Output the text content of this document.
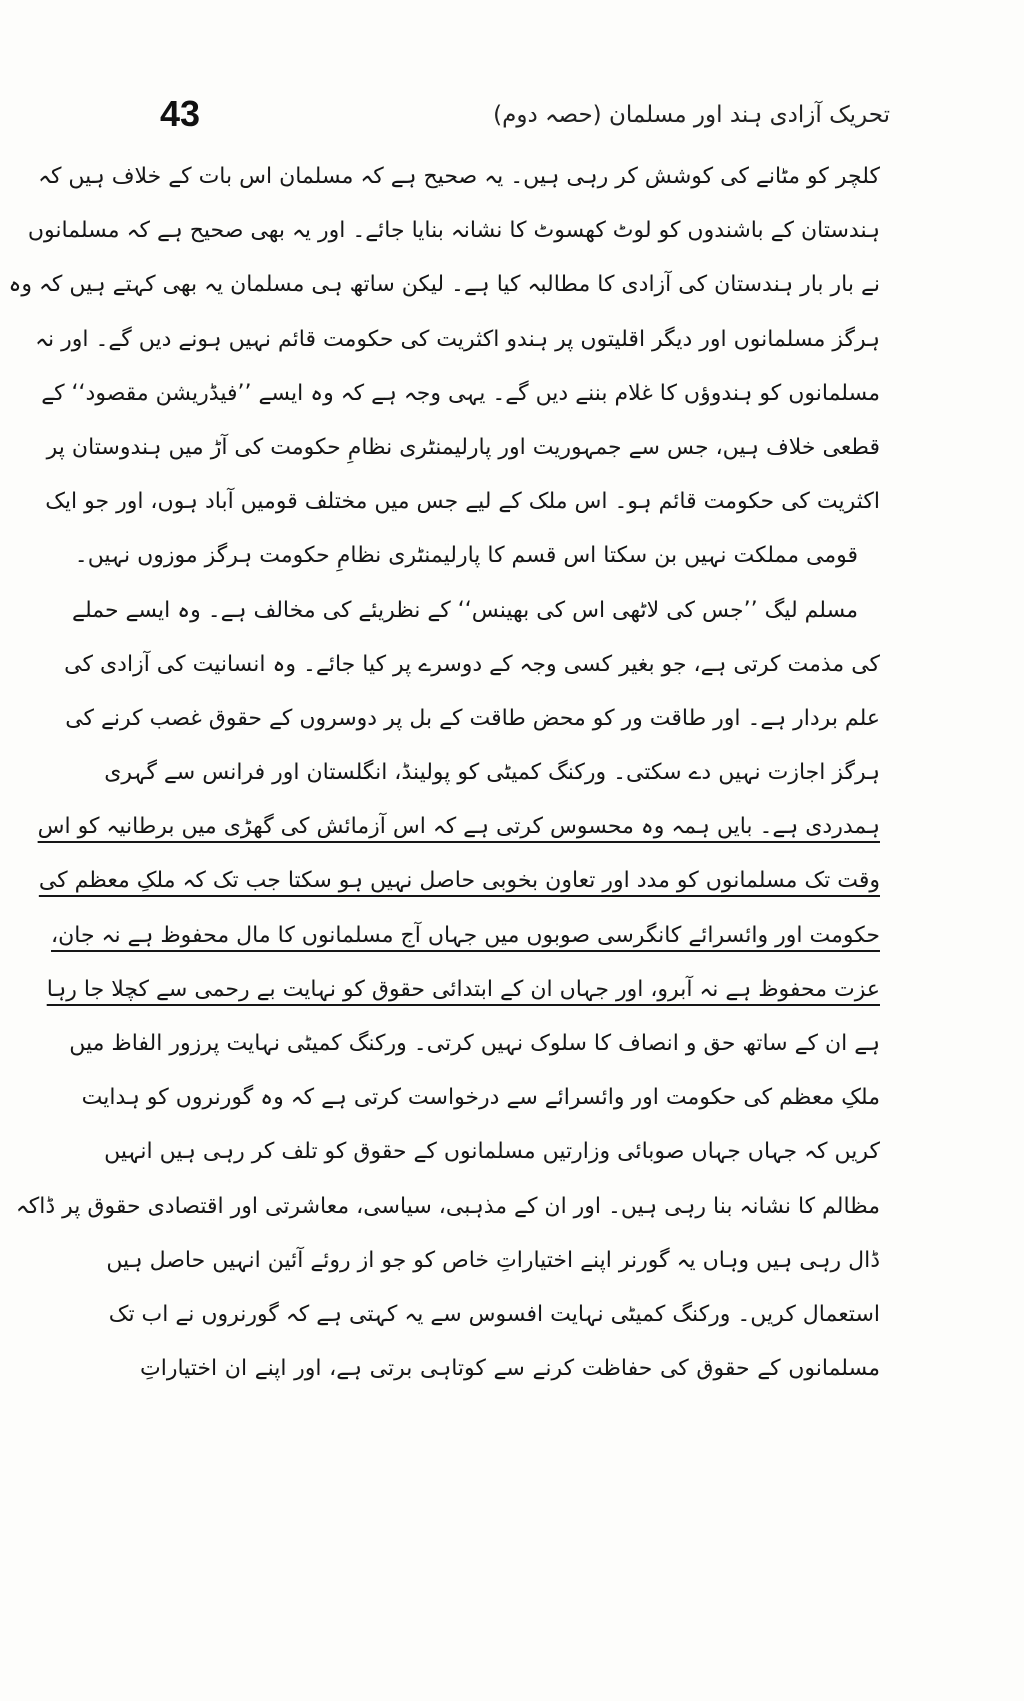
43	تحریک آزادی ہند اور مسلمان (حصہ دوم)
کلچر کو مٹانے کی کوشش کر رہی ہیں۔ یہ صحیح ہے کہ مسلمان اس بات کے خلاف ہیں کہ
ہندستان کے باشندوں کو لوٹ کھسوٹ کا نشانہ بنایا جائے۔ اور یہ بھی صحیح ہے کہ مسلمانوں
نے بار بار ہندستان کی آزادی کا مطالبہ کیا ہے۔ لیکن ساتھ ہی مسلمان یہ بھی کہتے ہیں کہ وہ
ہرگز مسلمانوں اور دیگر اقلیتوں پر ہندو اکثریت کی حکومت قائم نہیں ہونے دیں گے۔ اور نہ
مسلمانوں کو ہندوؤں کا غلام بننے دیں گے۔ یہی وجہ ہے کہ وہ ایسے ’’فیڈریشن مقصود‘‘ کے
قطعی خلاف ہیں، جس سے جمہوریت اور پارلیمنٹری نظامِ حکومت کی آڑ میں ہندوستان پر
اکثریت کی حکومت قائم ہو۔ اس ملک کے لیے جس میں مختلف قومیں آباد ہوں، اور جو ایک
قومی مملکت نہیں بن سکتا اس قسم کا پارلیمنٹری نظامِ حکومت ہرگز موزوں نہیں۔
مسلم لیگ ’’جس کی لاٹھی اس کی بھینس‘‘ کے نظریئے کی مخالف ہے۔ وہ ایسے حملے
کی مذمت کرتی ہے، جو بغیر کسی وجہ کے دوسرے پر کیا جائے۔ وہ انسانیت کی آزادی کی
علم بردار ہے۔ اور طاقت ور کو محض طاقت کے بل پر دوسروں کے حقوق غصب کرنے کی
ہرگز اجازت نہیں دے سکتی۔ ورکنگ کمیٹی کو پولینڈ، انگلستان اور فرانس سے گہری
ہمدردی ہے۔ بایں ہمہ وہ محسوس کرتی ہے کہ اس آزمائش کی گھڑی میں برطانیہ کو اس
وقت تک مسلمانوں کو مدد اور تعاون بخوبی حاصل نہیں ہو سکتا جب تک کہ ملکِ معظم کی
حکومت اور وائسرائے کانگرسی صوبوں میں جہاں آج مسلمانوں کا مال محفوظ ہے نہ جان،
عزت محفوظ ہے نہ آبرو، اور جہاں ان کے ابتدائی حقوق کو نہایت بے رحمی سے کچلا جا رہا
ہے ان کے ساتھ حق و انصاف کا سلوک نہیں کرتی۔ ورکنگ کمیٹی نہایت پرزور الفاظ میں
ملکِ معظم کی حکومت اور وائسرائے سے درخواست کرتی ہے کہ وہ گورنروں کو ہدایت
کریں کہ جہاں جہاں صوبائی وزارتیں مسلمانوں کے حقوق کو تلف کر رہی ہیں انہیں
مظالم کا نشانہ بنا رہی ہیں۔ اور ان کے مذہبی، سیاسی، معاشرتی اور اقتصادی حقوق پر ڈاکہ
ڈال رہی ہیں وہاں یہ گورنر اپنے اختیاراتِ خاص کو جو از روئے آئین انہیں حاصل ہیں
استعمال کریں۔ ورکنگ کمیٹی نہایت افسوس سے یہ کہتی ہے کہ گورنروں نے اب تک
مسلمانوں کے حقوق کی حفاظت کرنے سے کوتاہی برتی ہے، اور اپنے ان اختیاراتِ
